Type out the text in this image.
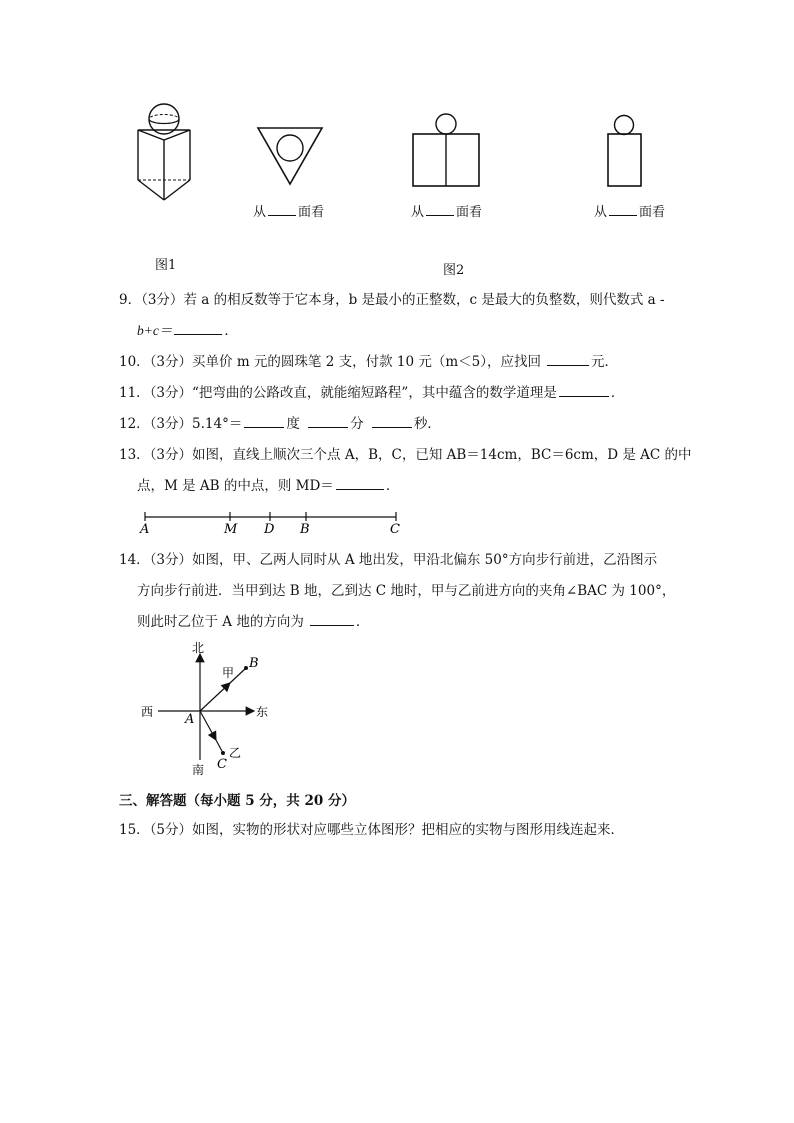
图1
从 面看	从 面看
图2
从 面看
9．（3分）若 a 的相反数等于它本身，b 是最小的正整数，c 是最大的负整数，则代数式 a -
b+c＝	．
10．（3分）买单价 m 元的圆珠笔 2 支，付款 10 元（m＜5），应找回	元．
11．（3分）“把弯曲的公路改直，就能缩短路程”，其中蕴含的数学道理是	．
12．（3分）5.14°＝	度	分	秒．
13．（3分）如图，直线上顺次三个点 A，B，C，已知 AB＝14cm，BC＝6cm，D 是 AC 的中
点，M 是 AB 的中点，则 MD＝	．
A	M D B	C
14．（3分）如图，甲、乙两人同时从 A 地出发，甲沿北偏东 50°方向步行前进，乙沿图示
方向步行前进．当甲到达 B 地，乙到达 C 地时，甲与乙前进方向的夹角∠BAC 为 100°，
则此时乙位于 A 地的方向为	．
北
南
西	东
A
甲
B
乙
C
三、解答题（每小题 5 分，共 20 分）
15．（5分）如图，实物的形状对应哪些立体图形？把相应的实物与图形用线连起来．
